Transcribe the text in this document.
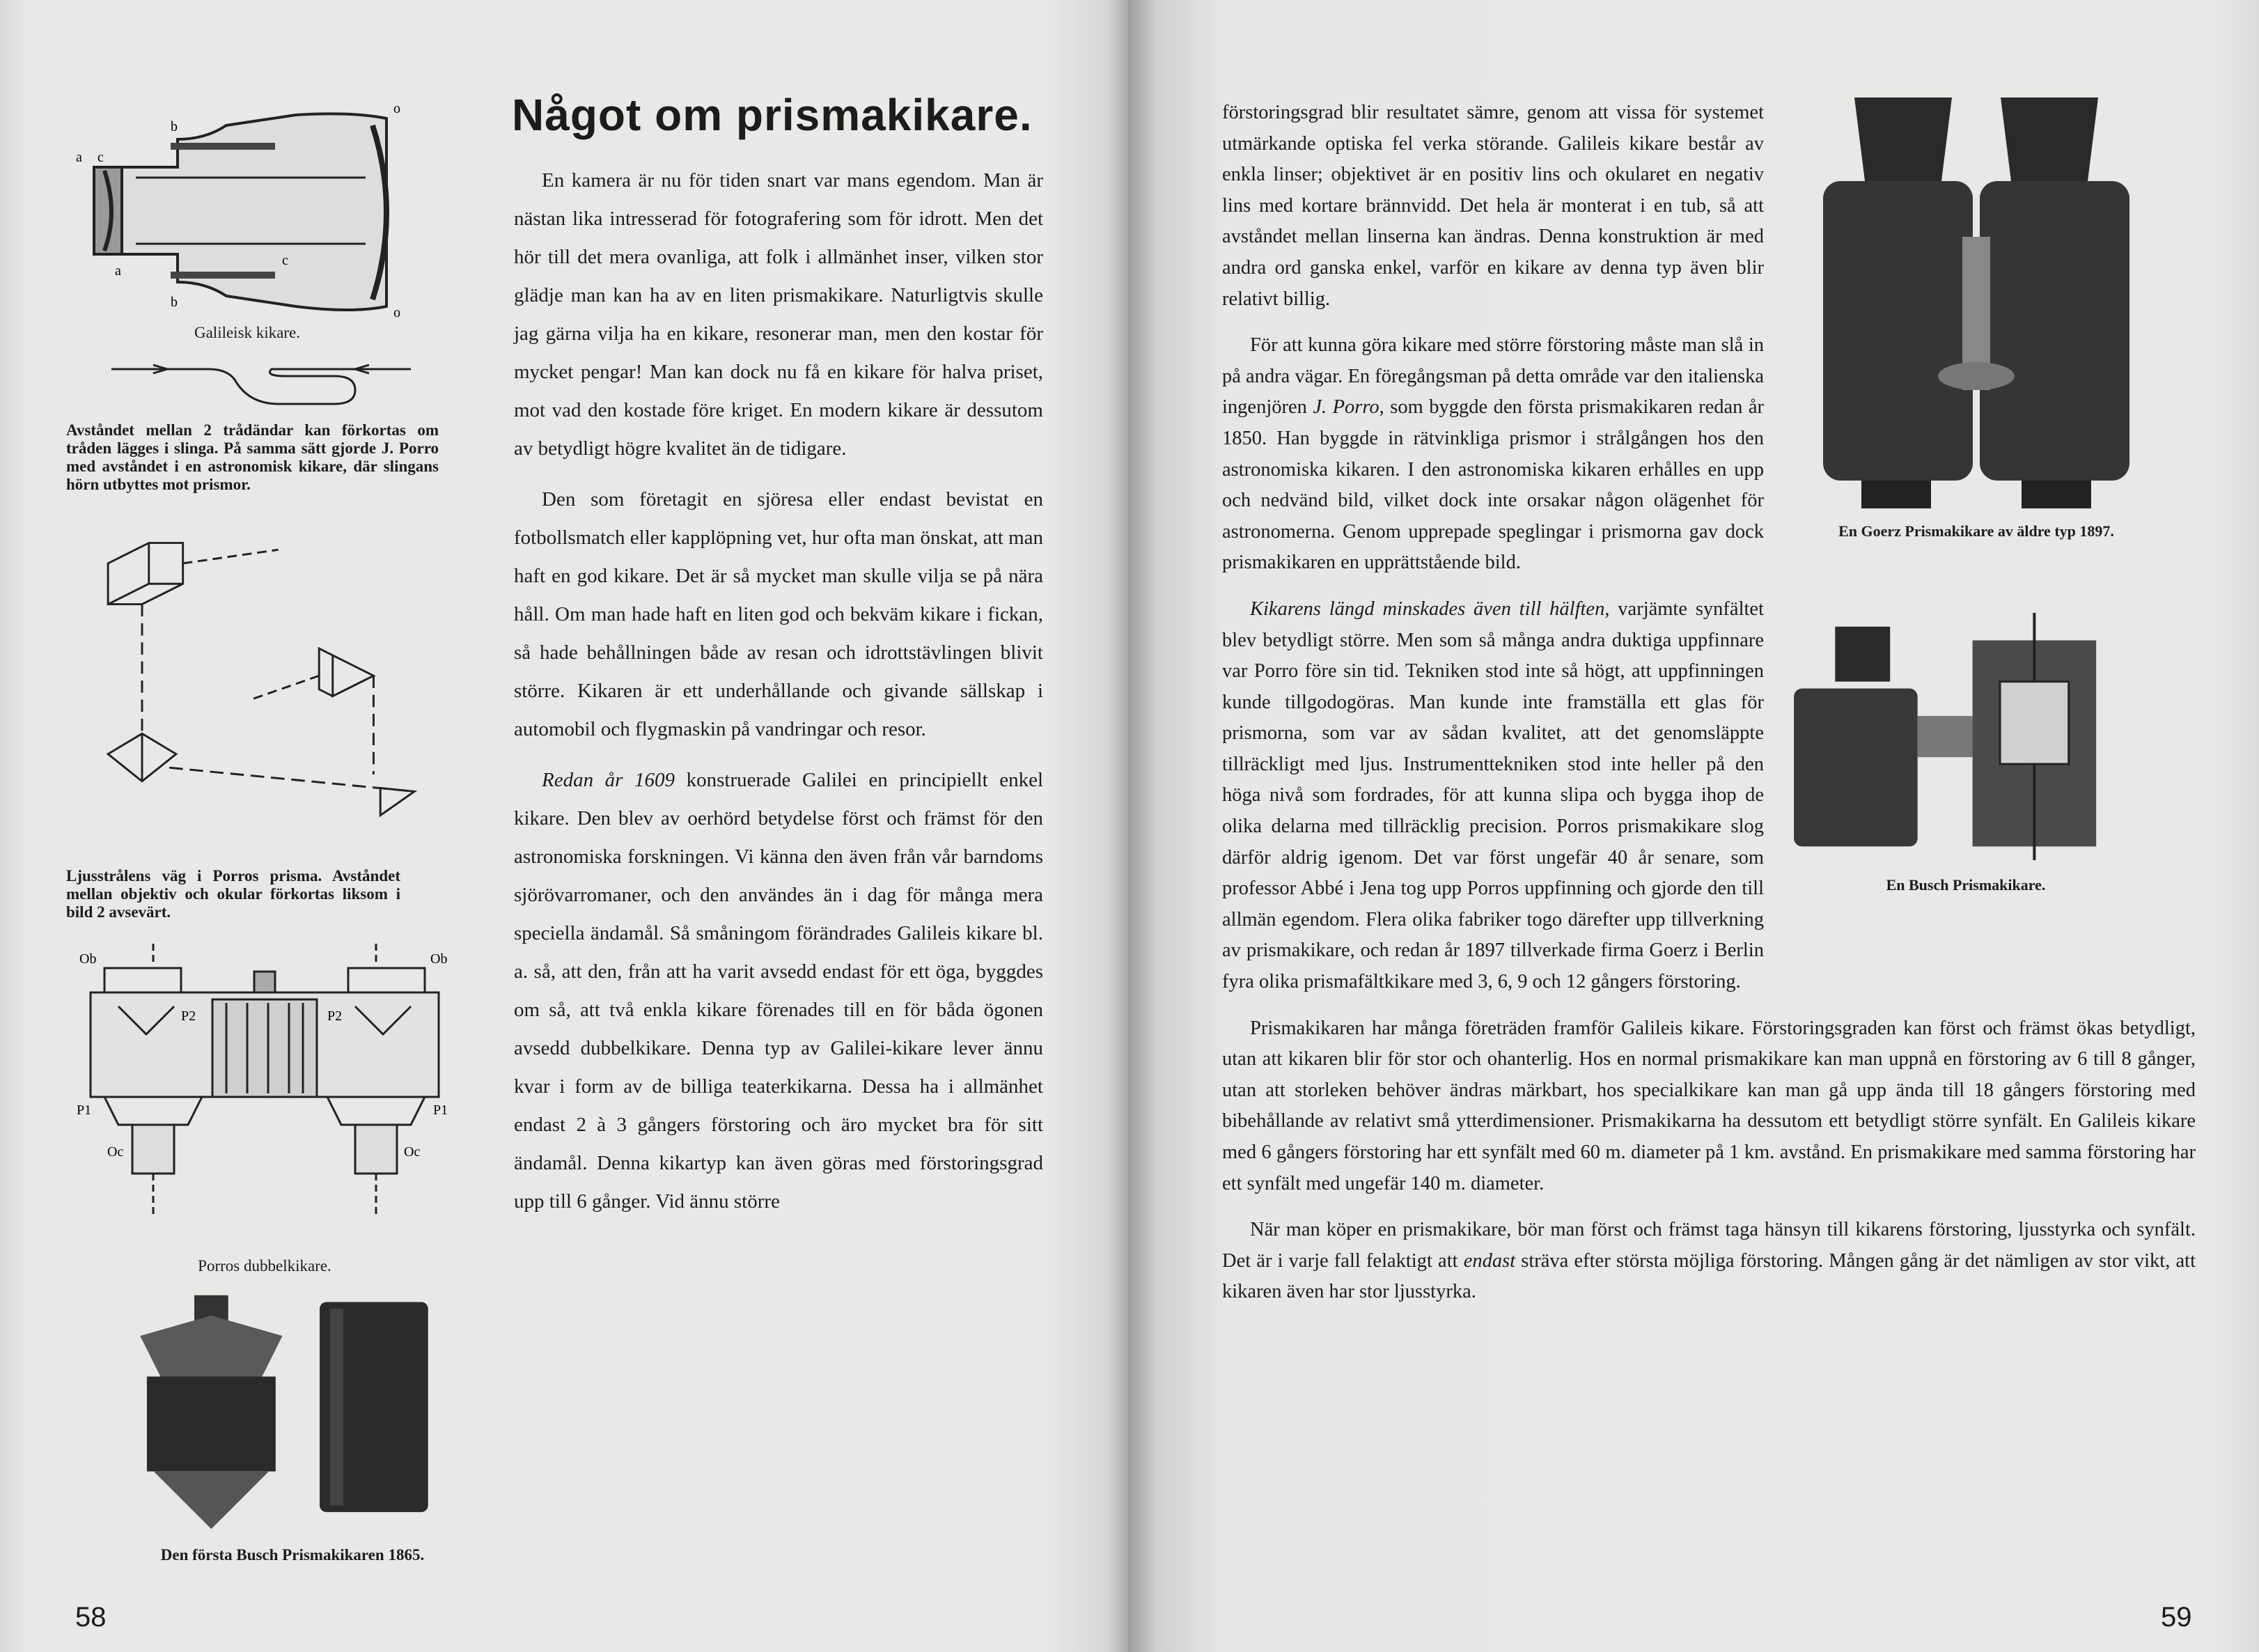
a c
b
o
a
b
c
o
Galileisk kikare.
Avståndet mellan 2 trådändar kan förkortas om tråden lägges i slinga. På samma sätt gjorde J. Porro med avståndet i en astronomisk kikare, där slingans hörn utbyttes mot prismor.
Ljusstrålens väg i Porros prisma. Avståndet mellan objektiv och okular förkortas liksom i bild 2 avsevärt.
Ob	Ob
P2	P2
P1	P1
Oc	Oc
Porros dubbelkikare.
Den första Busch Prismakikaren 1865.
Något om prismakikare.

En kamera är nu för tiden snart var mans egendom. Man är nästan lika intresserad för fotografering som för idrott. Men det hör till det mera ovanliga, att folk i allmänhet inser, vilken stor glädje man kan ha av en liten prismakikare. Naturligtvis skulle jag gärna vilja ha en kikare, resonerar man, men den kostar för mycket pengar! Man kan dock nu få en kikare för halva priset, mot vad den kostade före kriget. En modern kikare är dessutom av betydligt högre kvalitet än de tidigare.

Den som företagit en sjöresa eller endast bevistat en fotbollsmatch eller kapplöpning vet, hur ofta man önskat, att man haft en god kikare. Det är så mycket man skulle vilja se på nära håll. Om man hade haft en liten god och bekväm kikare i fickan, så hade behållningen både av resan och idrottstävlingen blivit större. Kikaren är ett underhållande och givande sällskap i automobil och flygmaskin på vandringar och resor.

Redan år 1609 konstruerade Galilei en principiellt enkel kikare. Den blev av oerhörd betydelse först och främst för den astronomiska forskningen. Vi känna den även från vår barndoms sjörövarromaner, och den användes än i dag för många mera speciella ändamål. Så småningom förändrades Galileis kikare bl. a. så, att den, från att ha varit avsedd endast för ett öga, byggdes om så, att två enkla kikare förenades till en för båda ögonen avsedd dubbelkikare. Denna typ av Galilei-kikare lever ännu kvar i form av de billiga teaterkikarna. Dessa ha i allmänhet endast 2 à 3 gångers förstoring och äro mycket bra för sitt ändamål. Denna kikartyp kan även göras med förstoringsgrad upp till 6 gånger. Vid ännu större

58
En Goerz Prismakikare av äldre typ 1897.
En Busch Prismakikare.

förstoringsgrad blir resultatet sämre, genom att vissa för systemet utmärkande optiska fel verka störande. Galileis kikare består av enkla linser; objektivet är en positiv lins och okularet en negativ lins med kortare brännvidd. Det hela är monterat i en tub, så att avståndet mellan linserna kan ändras. Denna konstruktion är med andra ord ganska enkel, varför en kikare av denna typ även blir relativt billig.

För att kunna göra kikare med större förstoring måste man slå in på andra vägar. En föregångsman på detta område var den italienska ingenjören J. Porro, som byggde den första prismakikaren redan år 1850. Han byggde in rätvinkliga prismor i strålgången hos den astronomiska kikaren. I den astronomiska kikaren erhålles en upp och nedvänd bild, vilket dock inte orsakar någon olägenhet för astronomerna. Genom upprepade speglingar i prismorna gav dock prismakikaren en upprättstående bild.

Kikarens längd minskades även till hälften, varjämte synfältet blev betydligt större. Men som så många andra duktiga uppfinnare var Porro före sin tid. Tekniken stod inte så högt, att uppfinningen kunde tillgodogöras. Man kunde inte framställa ett glas för prismorna, som var av sådan kvalitet, att det genomsläppte tillräckligt med ljus. Instrumenttekniken stod inte heller på den höga nivå som fordrades, för att kunna slipa och bygga ihop de olika delarna med tillräcklig precision. Porros prismakikare slog därför aldrig igenom. Det var först ungefär 40 år senare, som professor Abbé i Jena tog upp Porros uppfinning och gjorde den till allmän egendom. Flera olika fabriker togo därefter upp tillverkning av prismakikare, och redan år 1897 tillverkade firma Goerz i Berlin fyra olika prismafältkikare med 3, 6, 9 och 12 gångers förstoring.

Prismakikaren har många företräden framför Galileis kikare. Förstoringsgraden kan först och främst ökas betydligt, utan att kikaren blir för stor och ohanterlig. Hos en normal prismakikare kan man uppnå en förstoring av 6 till 8 gånger, utan att storleken behöver ändras märkbart, hos specialkikare kan man gå upp ända till 18 gångers förstoring med bibehållande av relativt små ytterdimensioner. Prismakikarna ha dessutom ett betydligt större synfält. En Galileis kikare med 6 gångers förstoring har ett synfält med 60 m. diameter på 1 km. avstånd. En prismakikare med samma förstoring har ett synfält med ungefär 140 m. diameter.

När man köper en prismakikare, bör man först och främst taga hänsyn till kikarens förstoring, ljusstyrka och synfält. Det är i varje fall felaktigt att endast sträva efter största möjliga förstoring. Mången gång är det nämligen av stor vikt, att kikaren även har stor ljusstyrka.

59
